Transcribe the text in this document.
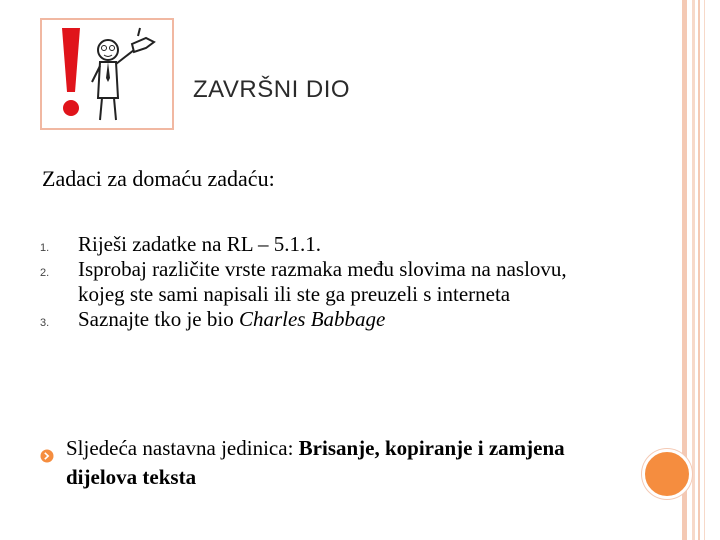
ZAVRŠNI DIO
Zadaci za domaću zadaću:
1. Riješi zadatke na RL – 5.1.1.
2. Isprobaj različite vrste razmaka među slovima na naslovu, kojeg ste sami napisali ili ste ga preuzeli s interneta
3. Saznajte tko je bio Charles Babbage
Sljedeća nastavna jedinica: Brisanje, kopiranje i zamjena dijelova teksta
